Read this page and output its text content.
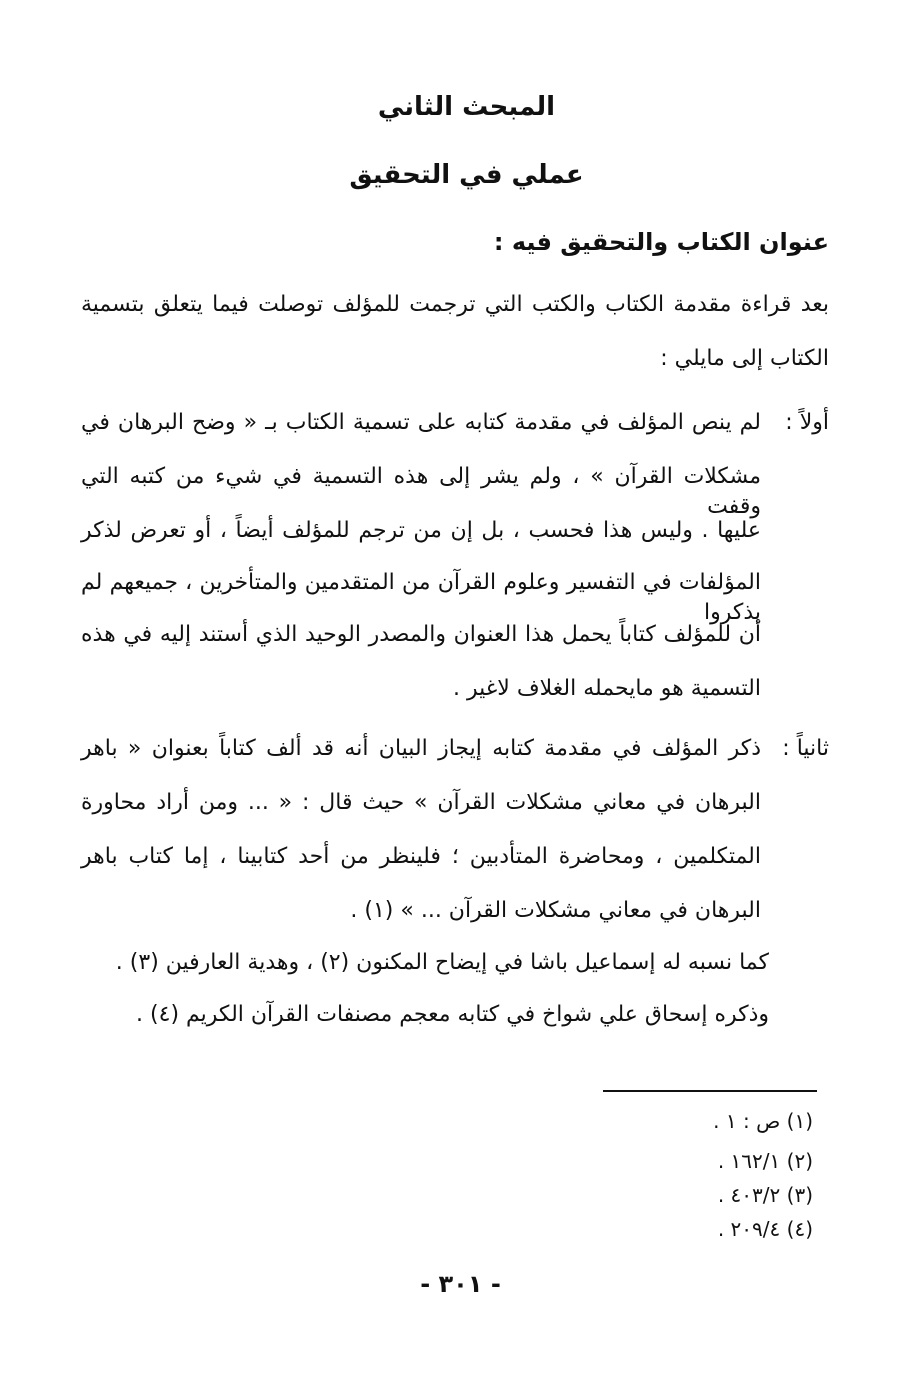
المبحث الثاني
عملي في التحقيق
عنوان الكتاب والتحقيق فيه :
بعد قراءة مقدمة الكتاب والكتب التي ترجمت للمؤلف توصلت فيما يتعلق بتسمية
الكتاب إلى مايلي :
أولاً :
لم ينص المؤلف في مقدمة كتابه على تسمية الكتاب بـ « وضح البرهان في
مشكلات القرآن » ، ولم يشر إلى هذه التسمية في شيء من كتبه التي وقفت
عليها . وليس هذا فحسب ، بل إن من ترجم للمؤلف أيضاً ، أو تعرض لذكر
المؤلفات في التفسير وعلوم القرآن من المتقدمين والمتأخرين ، جميعهم لم يذكروا
أن للمؤلف كتاباً يحمل هذا العنوان والمصدر الوحيد الذي أستند إليه في هذه
التسمية هو مايحمله الغلاف لاغير .
ثانياً :
ذكر المؤلف في مقدمة كتابه إيجاز البيان أنه قد ألف كتاباً بعنوان « باهر
البرهان في معاني مشكلات القرآن » حيث قال : « ... ومن أراد محاورة
المتكلمين ، ومحاضرة المتأدبين ؛ فلينظر من أحد كتابينا ، إما كتاب باهر
البرهان في معاني مشكلات القرآن ... » (١) .
كما نسبه له إسماعيل باشا في إيضاح المكنون (٢) ، وهدية العارفين (٣) .
وذكره إسحاق علي شواخ في كتابه معجم مصنفات القرآن الكريم (٤) .
(١) ص : ١ .
(٢) ١٦٢/١ .
(٣) ٤٠٣/٢ .
(٤) ٢٠٩/٤ .
- ٣٠١ -
